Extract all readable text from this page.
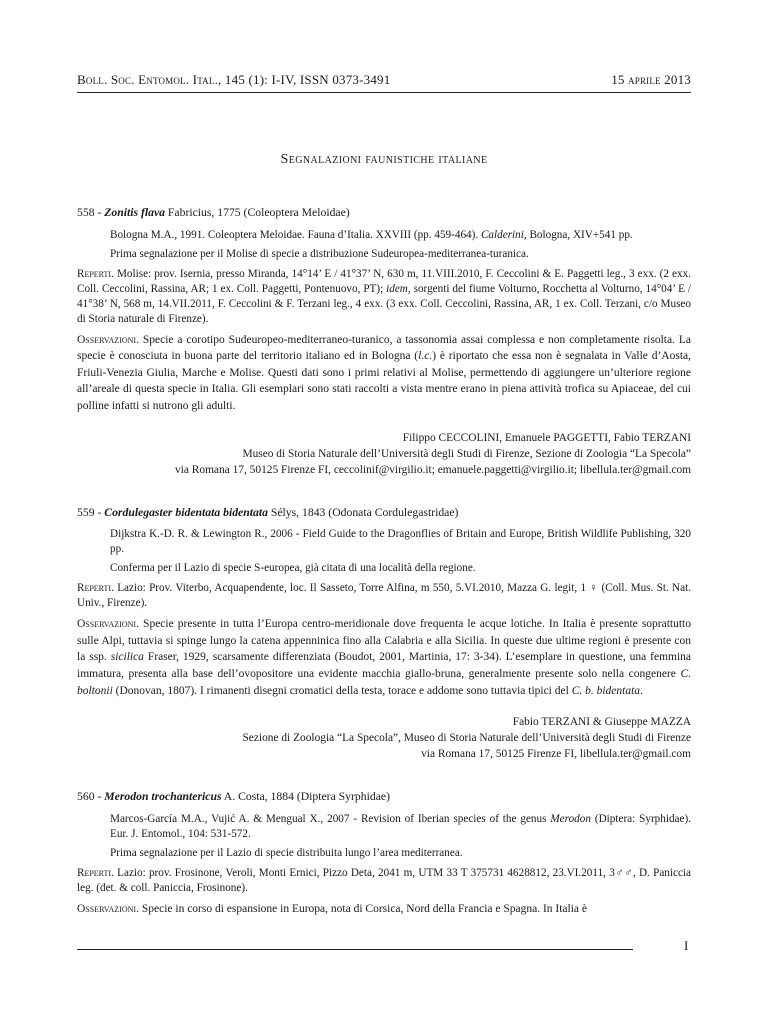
Boll. Soc. Entomol. Ital., 145 (1): I-IV, ISSN 0373-3491	15 aprile 2013
Segnalazioni faunistiche italiane

558 - Zonitis flava Fabricius, 1775 (Coleoptera Meloidae)

Bologna M.A., 1991. Coleoptera Meloidae. Fauna d’Italia. XXVIII (pp. 459-464). Calderini, Bologna, XIV+541 pp.

Prima segnalazione per il Molise di specie a distribuzione Sudeuropea-mediterranea-turanica.

Reperti. Molise: prov. Isernia, presso Miranda, 14°14’ E / 41°37’ N, 630 m, 11.VIII.2010, F. Ceccolini & E. Paggetti leg., 3 exx. (2 exx. Coll. Ceccolini, Rassina, AR; 1 ex. Coll. Paggetti, Pontenuovo, PT); idem, sorgenti del fiume Volturno, Rocchetta al Volturno, 14°04’ E / 41°38’ N, 568 m, 14.VII.2011, F. Ceccolini & F. Terzani leg., 4 exx. (3 exx. Coll. Ceccolini, Rassina, AR, 1 ex. Coll. Terzani, c/o Museo di Storia naturale di Firenze).

Osservazioni. Specie a corotipo Sudeuropeo-mediterraneo-turanico, a tassonomia assai complessa e non completamente risolta. La specie è conosciuta in buona parte del territorio italiano ed in Bologna (l.c.) è riportato che essa non è segnalata in Valle d’Aosta, Friuli-Venezia Giulia, Marche e Molise. Questi dati sono i primi relativi al Molise, permettendo di aggiungere un’ulteriore regione all’areale di questa specie in Italia. Gli esemplari sono stati raccolti a vista mentre erano in piena attività trofica su Apiaceae, del cui polline infatti si nutrono gli adulti.

Filippo CECCOLINI, Emanuele PAGGETTI, Fabio TERZANI
Museo di Storia Naturale dell’Università degli Studi di Firenze, Sezione di Zoologia “La Specola”
via Romana 17, 50125 Firenze FI, ceccolinif@virgilio.it; emanuele.paggetti@virgilio.it; libellula.ter@gmail.com

559 - Cordulegaster bidentata bidentata Sélys, 1843 (Odonata Cordulegastridae)

Dijkstra K.-D. R. & Lewington R., 2006 - Field Guide to the Dragonflies of Britain and Europe, British Wildlife Publishing, 320 pp.

Conferma per il Lazio di specie S-europea, già citata di una località della regione.

Reperti. Lazio: Prov. Viterbo, Acquapendente, loc. Il Sasseto, Torre Alfina, m 550, 5.VI.2010, Mazza G. legit, 1 ♀ (Coll. Mus. St. Nat. Univ., Firenze).

Osservazioni. Specie presente in tutta l’Europa centro-meridionale dove frequenta le acque lotiche. In Italia è presente soprattutto sulle Alpi, tuttavia si spinge lungo la catena appenninica fino alla Calabria e alla Sicilia. In queste due ultime regioni è presente con la ssp. sicilica Fraser, 1929, scarsamente differenziata (Boudot, 2001, Martinia, 17: 3-34). L’esemplare in questione, una femmina immatura, presenta alla base dell’ovopositore una evidente macchia giallo-bruna, generalmente presente solo nella congenere C. boltonii (Donovan, 1807). I rimanenti disegni cromatici della testa, torace e addome sono tuttavia tipici del C. b. bidentata.

Fabio TERZANI & Giuseppe MAZZA
Sezione di Zoologia “La Specola”, Museo di Storia Naturale dell’Università degli Studi di Firenze
via Romana 17, 50125 Firenze FI, libellula.ter@gmail.com

560 - Merodon trochantericus A. Costa, 1884 (Diptera Syrphidae)

Marcos-García M.A., Vujić A. & Mengual X., 2007 - Revision of Iberian species of the genus Merodon (Diptera: Syrphidae). Eur. J. Entomol., 104: 531-572.

Prima segnalazione per il Lazio di specie distribuita lungo l’area mediterranea.

Reperti. Lazio: prov. Frosinone, Veroli, Monti Ernici, Pizzo Deta, 2041 m, UTM 33 T 375731 4628812, 23.VI.2011, 3♂♂, D. Paniccia leg. (det. & coll. Paniccia, Frosinone).

Osservazioni. Specie in corso di espansione in Europa, nota di Corsica, Nord della Francia e Spagna. In Italia è

I
